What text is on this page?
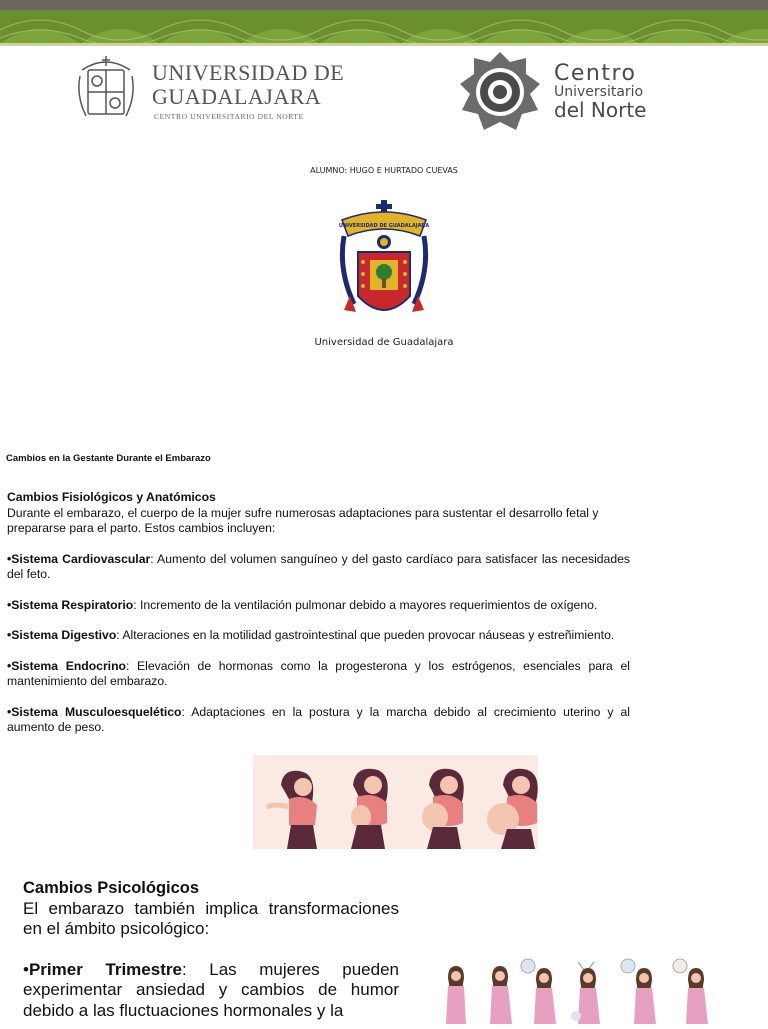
UNIVERSIDAD DE
GUADALAJARA
CENTRO UNIVERSITARIO DEL NORTE
Centro
Universitario
del Norte
ALUMNO: HUGO E HURTADO CUEVAS
UNIVERSIDAD DE GUADALAJARA
Universidad de Guadalajara
Cambios en la Gestante Durante el Embarazo
Cambios Fisiológicos y Anatómicos

Durante el embarazo, el cuerpo de la mujer sufre numerosas adaptaciones para sustentar el desarrollo fetal y prepararse para el parto. Estos cambios incluyen:

•Sistema Cardiovascular: Aumento del volumen sanguíneo y del gasto cardíaco para satisfacer las necesidades del feto.

•Sistema Respiratorio: Incremento de la ventilación pulmonar debido a mayores requerimientos de oxígeno.

•Sistema Digestivo: Alteraciones en la motilidad gastrointestinal que pueden provocar náuseas y estreñimiento.

•Sistema Endocrino: Elevación de hormonas como la progesterona y los estrógenos, esenciales para el mantenimiento del embarazo.

•Sistema Musculoesquelético: Adaptaciones en la postura y la marcha debido al crecimiento uterino y al aumento de peso.

Cambios Psicológicos

El embarazo también implica transformaciones en el ámbito psicológico:

•Primer Trimestre: Las mujeres pueden experimentar ansiedad y cambios de humor debido a las fluctuaciones hormonales y la
